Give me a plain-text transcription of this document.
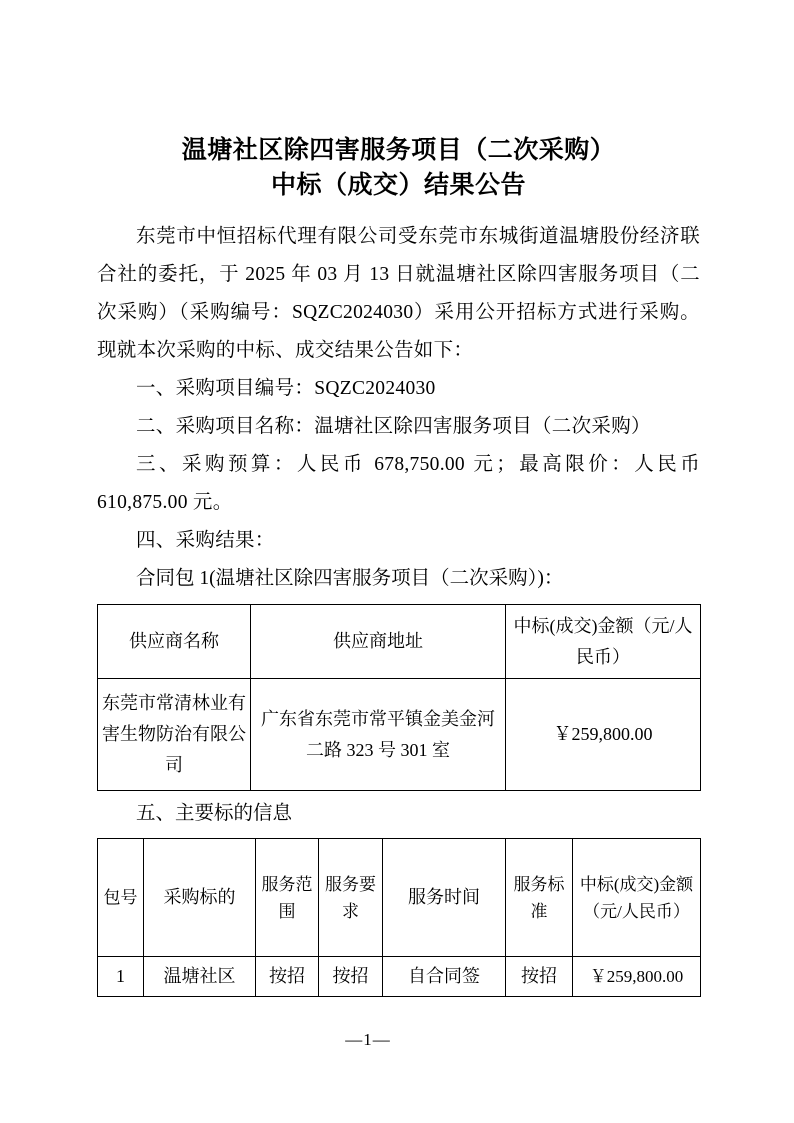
温塘社区除四害服务项目（二次采购）
中标（成交）结果公告

东莞市中恒招标代理有限公司受东莞市东城街道温塘股份经济联合社的委托，于 2025 年 03 月 13 日就温塘社区除四害服务项目（二次采购）（采购编号：SQZC2024030）采用公开招标方式进行采购。现就本次采购的中标、成交结果公告如下：

一、采购项目编号：SQZC2024030

二、采购项目名称：温塘社区除四害服务项目（二次采购）

三、采购预算：人民币 678,750.00 元；最高限价：人民币 610,875.00 元。

四、采购结果：

合同包 1(温塘社区除四害服务项目（二次采购）)：

供应商名称	供应商地址	中标(成交)金额（元/人民币）
东莞市常清林业有害生物防治有限公司	广东省东莞市常平镇金美金河二路 323 号 301 室	￥259,800.00

五、主要标的信息

包号	采购标的	服务范围	服务要求	服务时间	服务标准	中标(成交)金额（元/人民币）
1	温塘社区	按招	按招	自合同签	按招	￥259,800.00
—1—
